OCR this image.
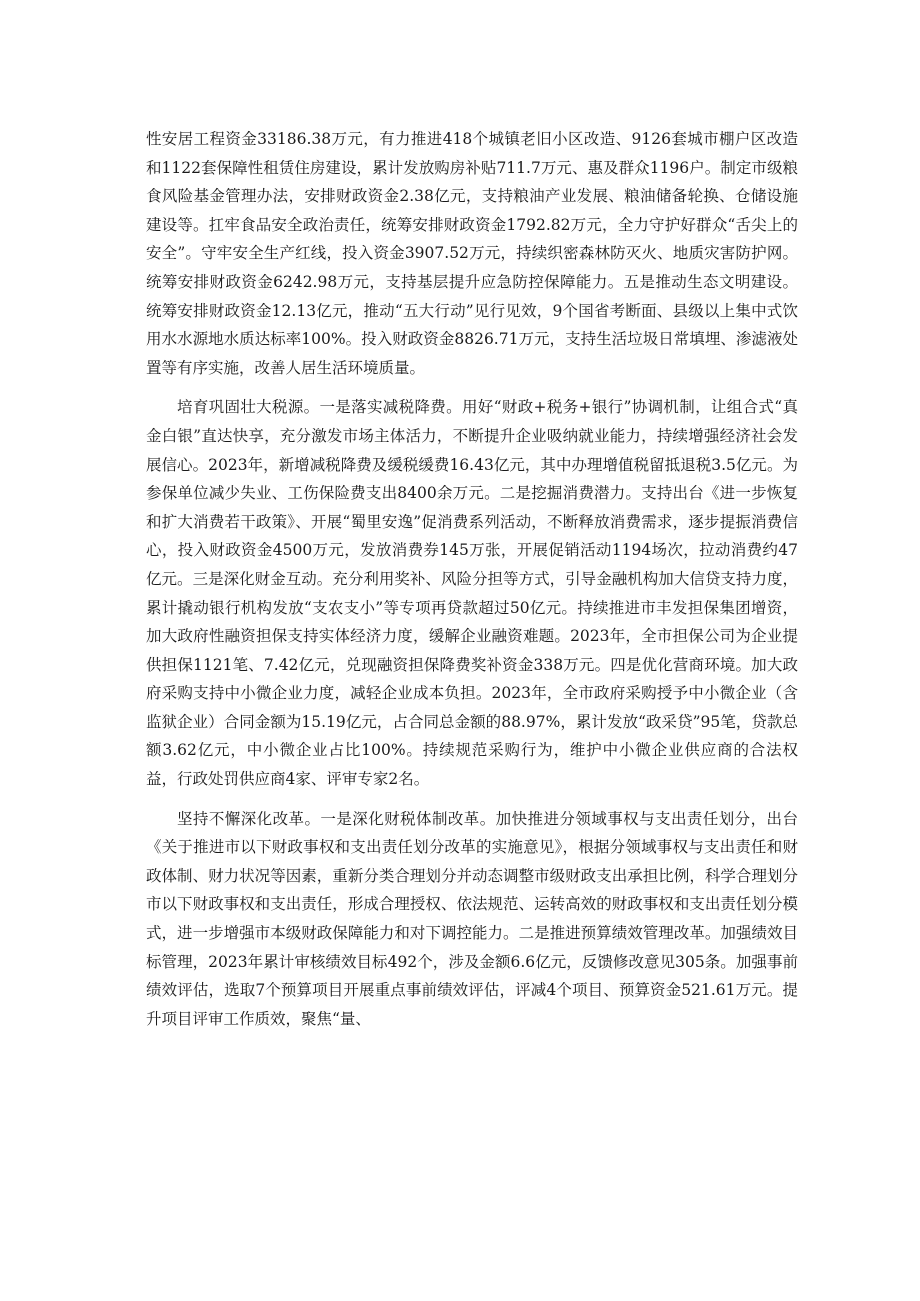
性安居工程资金33186.38万元，有力推进418个城镇老旧小区改造、9126套城市棚户区改造和1122套保障性租赁住房建设，累计发放购房补贴711.7万元、惠及群众1196户。制定市级粮食风险基金管理办法，安排财政资金2.38亿元，支持粮油产业发展、粮油储备轮换、仓储设施建设等。扛牢食品安全政治责任，统筹安排财政资金1792.82万元，全力守护好群众“舌尖上的安全”。守牢安全生产红线，投入资金3907.52万元，持续织密森林防灭火、地质灾害防护网。统筹安排财政资金6242.98万元，支持基层提升应急防控保障能力。五是推动生态文明建设。统筹安排财政资金12.13亿元，推动“五大行动”见行见效，9个国省考断面、县级以上集中式饮用水水源地水质达标率100%。投入财政资金8826.71万元，支持生活垃圾日常填埋、渗滤液处置等有序实施，改善人居生活环境质量。

培育巩固壮大税源。一是落实减税降费。用好“财政+税务+银行”协调机制，让组合式“真金白银”直达快享，充分激发市场主体活力，不断提升企业吸纳就业能力，持续增强经济社会发展信心。2023年，新增减税降费及缓税缓费16.43亿元，其中办理增值税留抵退税3.5亿元。为参保单位减少失业、工伤保险费支出8400余万元。二是挖掘消费潜力。支持出台《进一步恢复和扩大消费若干政策》、开展“蜀里安逸”促消费系列活动，不断释放消费需求，逐步提振消费信心，投入财政资金4500万元，发放消费券145万张，开展促销活动1194场次，拉动消费约47亿元。三是深化财金互动。充分利用奖补、风险分担等方式，引导金融机构加大信贷支持力度，累计撬动银行机构发放“支农支小”等专项再贷款超过50亿元。持续推进市丰发担保集团增资，加大政府性融资担保支持实体经济力度，缓解企业融资难题。2023年，全市担保公司为企业提供担保1121笔、7.42亿元，兑现融资担保降费奖补资金338万元。四是优化营商环境。加大政府采购支持中小微企业力度，减轻企业成本负担。2023年，全市政府采购授予中小微企业（含监狱企业）合同金额为15.19亿元，占合同总金额的88.97%，累计发放“政采贷”95笔，贷款总额3.62亿元，中小微企业占比100%。持续规范采购行为，维护中小微企业供应商的合法权益，行政处罚供应商4家、评审专家2名。

坚持不懈深化改革。一是深化财税体制改革。加快推进分领域事权与支出责任划分，出台《关于推进市以下财政事权和支出责任划分改革的实施意见》，根据分领域事权与支出责任和财政体制、财力状况等因素，重新分类合理划分并动态调整市级财政支出承担比例，科学合理划分市以下财政事权和支出责任，形成合理授权、依法规范、运转高效的财政事权和支出责任划分模式，进一步增强市本级财政保障能力和对下调控能力。二是推进预算绩效管理改革。加强绩效目标管理，2023年累计审核绩效目标492个，涉及金额6.6亿元，反馈修改意见305条。加强事前绩效评估，选取7个预算项目开展重点事前绩效评估，评减4个项目、预算资金521.61万元。提升项目评审工作质效，聚焦“量、
